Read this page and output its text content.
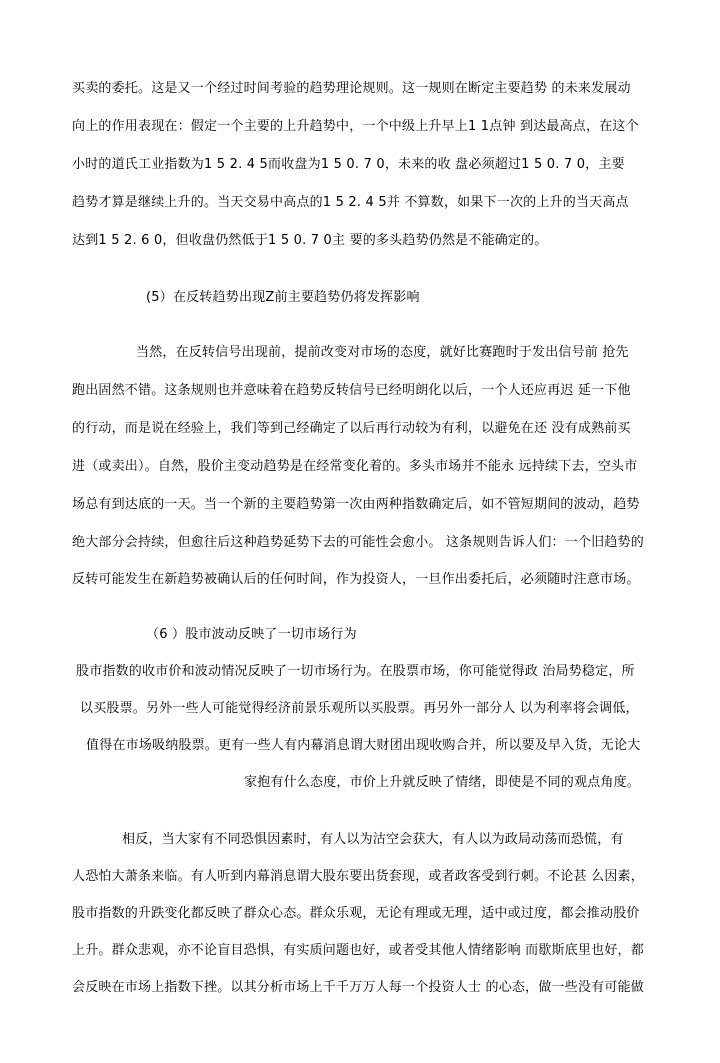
买卖的委托。这是又一个经过时间考验的趋势理论规则。这一规则在断定主要趋势 的未来发展动
向上的作用表现在：假定一个主要的上升趋势中，一个中级上升早上1 1点钟 到达最高点，在这个
小时的道氏工业指数为1 5 2. 4 5而收盘为1 5 0. 7 0，未来的收 盘必须超过1 5 0. 7 0，主要
趋势才算是继续上升的。当天交易中高点的1 5 2. 4 5并 不算数，如果下一次的上升的当天高点
达到1 5 2. 6 0，但收盘仍然低于1 5 0. 7 0主 要的多头趋势仍然是不能确定的。
(5）在反转趋势出现Z前主要趋势仍将发挥影响
当然，在反转信号出现前，提前改变对市场的态度，就好比赛跑时于发出信号前 抢先
跑出固然不错。这条规则也并意味着在趋势反转信号已经明朗化以后，一个人还应再迟 延一下他
的行动，而是说在经验上，我们等到己经确定了以后再行动较为有利，以避免在还 没有成熟前买
进（或卖出）。自然，股价主变动趋势是在经常变化着的。多头市场并不能永 远持续下去，空头市
场总有到达底的一天。当一个新的主要趋势第一次由两种指数确定后，如不管短期间的波动，趋势
绝大部分会持续，但愈往后这种趋势延势下去的可能性会愈小。 这条规则告诉人们：一个旧趋势的
反转可能发生在新趋势被确认后的任何时间，作为投资人，一旦作出委托后，必须随时注意市场。
（6 ）股市波动反映了一切市场行为
股市指数的收市价和波动情况反映了一切市场行为。在股票市场，你可能觉得政 治局势稳定，所
以买股票。另外一些人可能觉得经济前景乐观所以买股票。再另外一部分人 以为利率将会调低，
值得在市场吸纳股票。更有一些人有内幕消息谓大财团出现收购合并，所以要及早入货，无论大
家抱有什么态度，市价上升就反映了情绪，即使是不同的观点角度。
相反，当大家有不同恐惧因素时，有人以为沽空会获大，有人以为政局动荡而恐慌，有
人恐怕大萧条来临。有人听到内幕消息谓大股东要出货套现，或者政客受到行刺。不论甚 么因素，
股市指数的升跌变化都反映了群众心态。群众乐观，无论有理或无理，适中或过度，都会推动股价
上升。群众悲观，亦不论盲目恐惧，有实质问题也好，或者受其他人情绪影响 而歇斯底里也好，都
会反映在市场上指数下挫。以其分析市场上千千万万人每一个投资人士 的心态，做一些没有可能做
